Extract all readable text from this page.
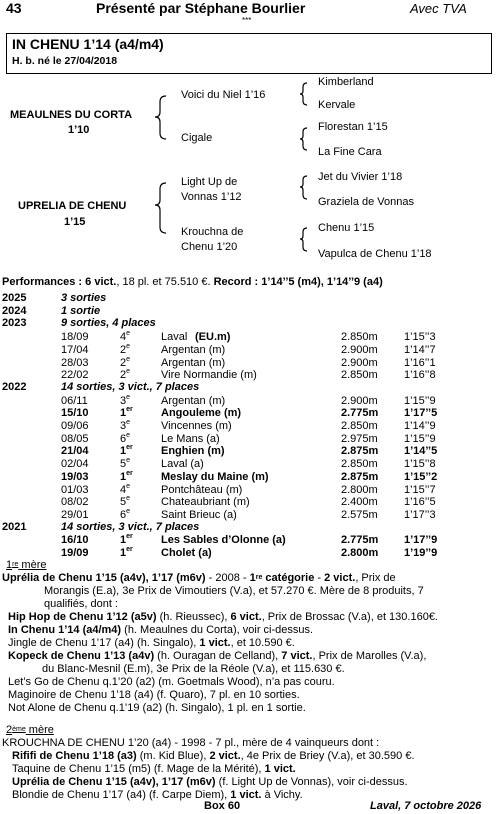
43	Présenté par Stéphane Bourlier	Avec TVA
***
IN CHENU 1’14 (a4/m4)
H. b. né le 27/04/2018
MEAULNES DU CORTA
1’10
UPRELIA DE CHENU
1’15
Voici du Niel 1’16
Cigale
Light Up de
Vonnas 1’12
Krouchna de
Chenu 1’20
Kimberland
Kervale
Florestan 1’15
La Fine Cara
Jet du Vivier 1’18
Graziela de Vonnas
Chenu 1’15
Vapulca de Chenu 1’18
Performances : 6 vict., 18 pl. et 75.510 €. Record : 1’14’’5 (m4), 1’14’’9 (a4)
2025	3 sorties
2024	1 sortie
2023	9 sorties, 4 places
18/09	4e	Laval (EU.m)	2.850m 1’15’’3
17/04	2e	Argentan (m)	2.900m 1’14’’7
28/03	2e	Argentan (m)	2.900m 1’16’’1
22/02	2e	Vire Normandie (m)	2.850m 1’16’’8
2022	14 sorties, 3 vict., 7 places
06/11	3e	Argentan (m)	2.900m 1’15’’9
15/10	1er	Angouleme (m)	2.775m 1’17’’5
09/06	3e	Vincennes (m)	2.850m 1’14’’9
08/05	6e	Le Mans (a)	2.975m 1’15’’9
21/04	1er	Enghien (m)	2.875m 1’14’’5
02/04	5e	Laval (a)	2.850m 1’15’’8
19/03	1er	Meslay du Maine (m)	2.875m 1’15’’2
01/03	4e	Pontchâteau (m)	2.800m 1’15’’7
08/02	5e	Chateaubriant (m)	2.400m 1’16’’5
29/01	6e	Saint Brieuc (a)	2.575m 1’17’’3
2021	14 sorties, 3 vict., 7 places
16/10	1er	Les Sables d’Olonne (a)	2.775m 1’17’’9
19/09	1er	Cholet (a)	2.800m 1’19’’9
1re mère
Uprélia de Chenu 1’15 (a4v), 1’17 (m6v) - 2008 - 1re catégorie - 2 vict., Prix de
Morangis (E.a), 3e Prix de Vimoutiers (V.a), et 57.270 €. Mère de 8 produits, 7
qualifiés, dont :
Hip Hop de Chenu 1’12 (a5v) (h. Rieussec), 6 vict., Prix de Brossac (V.a), et 130.160€.
In Chenu 1’14 (a4/m4) (h. Meaulnes du Corta), voir ci-dessus.
Jingle de Chenu 1’17 (a4) (h. Singalo), 1 vict., et 10.590 €.
Kopeck de Chenu 1’13 (a4v) (h. Ouragan de Celland), 7 vict., Prix de Marolles (V.a),
du Blanc-Mesnil (E.m), 3e Prix de la Réole (V.a), et 115.630 €.
Let’s Go de Chenu q.1’20 (a2) (m. Goetmals Wood), n’a pas couru.
Maginoire de Chenu 1’18 (a4) (f. Quaro), 7 pl. en 10 sorties.
Not Alone de Chenu q.1’19 (a2) (h. Singalo), 1 pl. en 1 sortie.
2ème mère
KROUCHNA DE CHENU 1’20 (a4) - 1998 - 7 pl., mère de 4 vainqueurs dont :
Rififi de Chenu 1’18 (a3) (m. Kid Blue), 2 vict., 4e Prix de Briey (V.a), et 30.590 €.
Taquine de Chenu 1’15 (m5) (f. Mage de la Mérité), 1 vict.
Uprélia de Chenu 1’15 (a4v), 1’17 (m6v) (f. Light Up de Vonnas), voir ci-dessus.
Blondie de Chenu 1’17 (a4) (f. Carpe Diem), 1 vict. à Vichy.
Box 60	Laval, 7 octobre 2026
